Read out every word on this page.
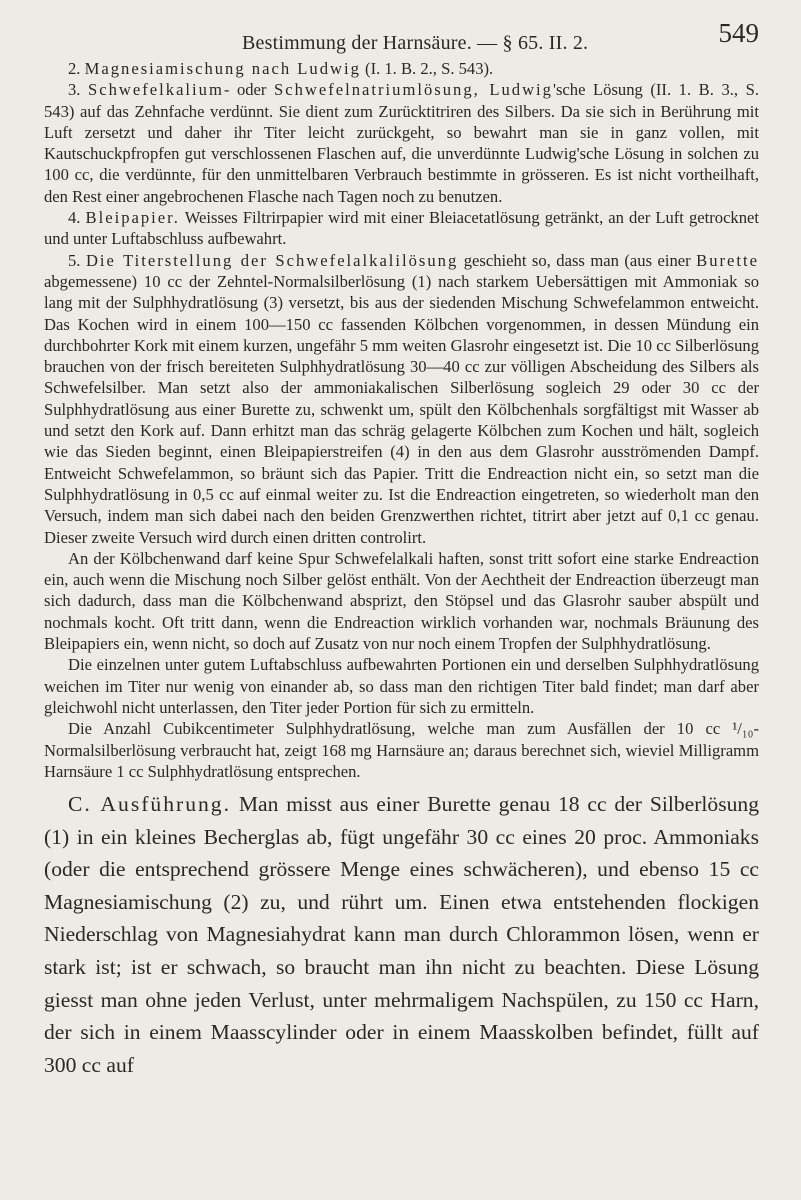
Bestimmung der Harnsäure. — § 65. II. 2.	549

2. Magnesiamischung nach Ludwig (I. 1. B. 2., S. 543).

3. Schwefelkalium- oder Schwefelnatriumlösung, Ludwig'sche Lösung (II. 1. B. 3., S. 543) auf das Zehnfache verdünnt. Sie dient zum Zurücktitriren des Silbers. Da sie sich in Berührung mit Luft zersetzt und daher ihr Titer leicht zurückgeht, so bewahrt man sie in ganz vollen, mit Kautschuckpfropfen gut verschlossenen Flaschen auf, die unverdünnte Ludwig'sche Lösung in solchen zu 100 cc, die verdünnte, für den unmittelbaren Verbrauch bestimmte in grösseren. Es ist nicht vortheilhaft, den Rest einer angebrochenen Flasche nach Tagen noch zu benutzen.

4. Bleipapier. Weisses Filtrirpapier wird mit einer Bleiacetatlösung getränkt, an der Luft getrocknet und unter Luftabschluss aufbewahrt.

5. Die Titerstellung der Schwefelalkalilösung geschieht so, dass man (aus einer Burette abgemessene) 10 cc der Zehntel-Normalsilberlösung (1) nach starkem Uebersättigen mit Ammoniak so lang mit der Sulphhydratlösung (3) versetzt, bis aus der siedenden Mischung Schwefelammon entweicht. Das Kochen wird in einem 100—150 cc fassenden Kölbchen vorgenommen, in dessen Mündung ein durchbohrter Kork mit einem kurzen, ungefähr 5 mm weiten Glasrohr eingesetzt ist. Die 10 cc Silberlösung brauchen von der frisch bereiteten Sulphhydratlösung 30—40 cc zur völligen Abscheidung des Silbers als Schwefelsilber. Man setzt also der ammoniakalischen Silberlösung sogleich 29 oder 30 cc der Sulphhydratlösung aus einer Burette zu, schwenkt um, spült den Kölbchenhals sorgfältigst mit Wasser ab und setzt den Kork auf. Dann erhitzt man das schräg gelagerte Kölbchen zum Kochen und hält, sogleich wie das Sieden beginnt, einen Bleipapierstreifen (4) in den aus dem Glasrohr ausströmenden Dampf. Entweicht Schwefelammon, so bräunt sich das Papier. Tritt die Endreaction nicht ein, so setzt man die Sulphhydratlösung in 0,5 cc auf einmal weiter zu. Ist die Endreaction eingetreten, so wiederholt man den Versuch, indem man sich dabei nach den beiden Grenzwerthen richtet, titrirt aber jetzt auf 0,1 cc genau. Dieser zweite Versuch wird durch einen dritten controlirt.

An der Kölbchenwand darf keine Spur Schwefelalkali haften, sonst tritt sofort eine starke Endreaction ein, auch wenn die Mischung noch Silber gelöst enthält. Von der Aechtheit der Endreaction überzeugt man sich dadurch, dass man die Kölbchenwand absprizt, den Stöpsel und das Glasrohr sauber abspült und nochmals kocht. Oft tritt dann, wenn die Endreaction wirklich vorhanden war, nochmals Bräunung des Bleipapiers ein, wenn nicht, so doch auf Zusatz von nur noch einem Tropfen der Sulphhydratlösung.

Die einzelnen unter gutem Luftabschluss aufbewahrten Portionen ein und derselben Sulphhydratlösung weichen im Titer nur wenig von einander ab, so dass man den richtigen Titer bald findet; man darf aber gleichwohl nicht unterlassen, den Titer jeder Portion für sich zu ermitteln.

Die Anzahl Cubikcentimeter Sulphhydratlösung, welche man zum Ausfällen der 10 cc ¹/₁₀-Normalsilberlösung verbraucht hat, zeigt 168 mg Harnsäure an; daraus berechnet sich, wieviel Milligramm Harnsäure 1 cc Sulphhydratlösung entsprechen.

C. Ausführung. Man misst aus einer Burette genau 18 cc der Silberlösung (1) in ein kleines Becherglas ab, fügt ungefähr 30 cc eines 20 proc. Ammoniaks (oder die entsprechend grössere Menge eines schwächeren), und ebenso 15 cc Magnesiamischung (2) zu, und rührt um. Einen etwa entstehenden flockigen Niederschlag von Magnesiahydrat kann man durch Chlorammon lösen, wenn er stark ist; ist er schwach, so braucht man ihn nicht zu beachten. Diese Lösung giesst man ohne jeden Verlust, unter mehrmaligem Nachspülen, zu 150 cc Harn, der sich in einem Maasscylinder oder in einem Maasskolben befindet, füllt auf 300 cc auf
